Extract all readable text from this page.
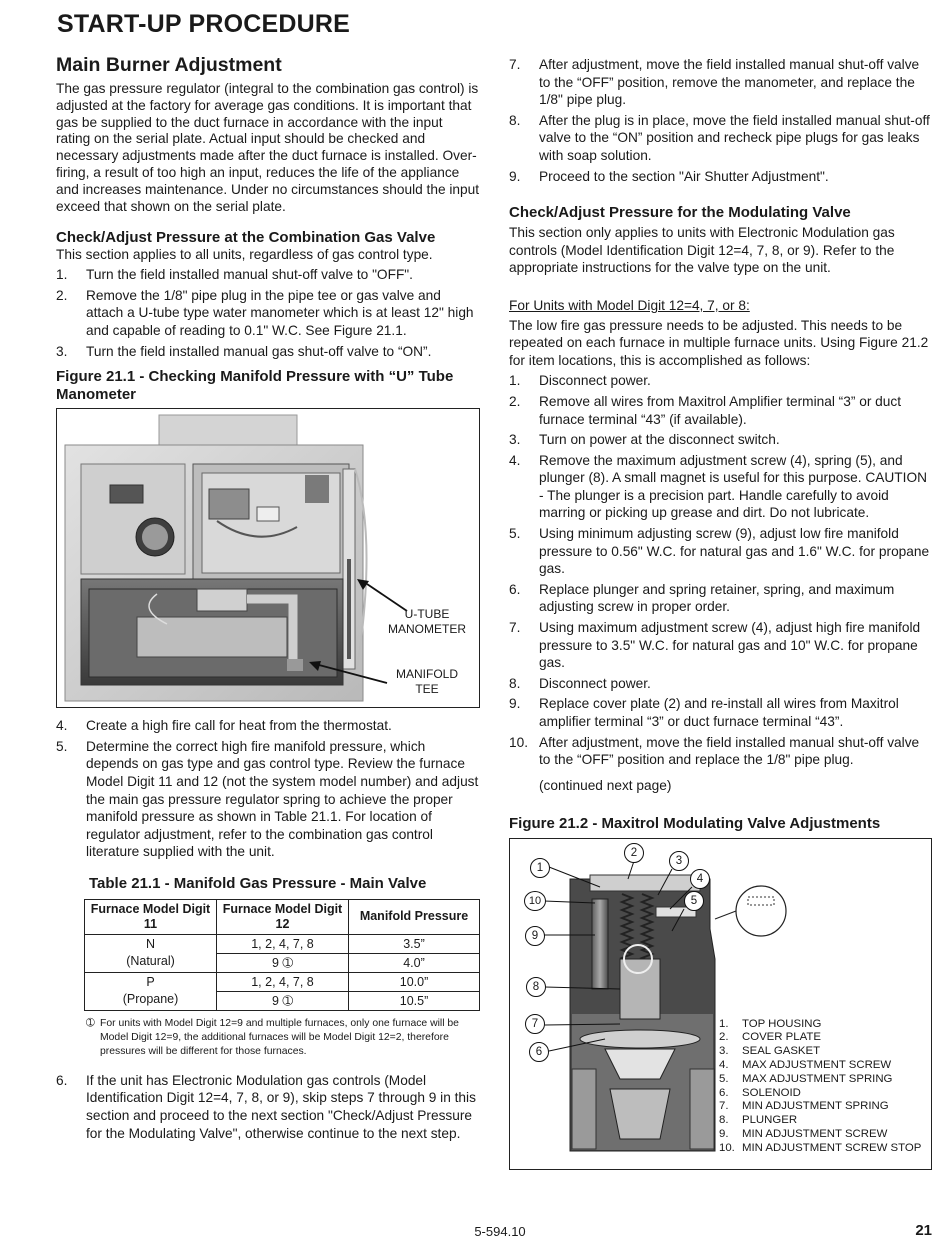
START-UP PROCEDURE
Main Burner Adjustment
The gas pressure regulator (integral to the combination gas control) is adjusted at the factory for average gas conditions. It is important that gas be supplied to the duct furnace in accordance with the input rating on the serial plate. Actual input should be checked and necessary adjustments made after the duct furnace is installed. Over-firing, a result of too high an input, reduces the life of the appliance and increases maintenance. Under no circumstances should the input exceed that shown on the serial plate.
Check/Adjust Pressure at the Combination Gas Valve
This section applies to all units, regardless of gas control type.
1.	Turn the field installed manual shut-off valve to "OFF".
2.	Remove the 1/8" pipe plug in the pipe tee or gas valve and attach a U-tube type water manometer which is at least 12" high and capable of reading to 0.1" W.C. See Figure 21.1.
3.	Turn the field installed manual gas shut-off valve to “ON”.
Figure 21.1 - Checking Manifold Pressure with “U” Tube Manometer
U-TUBE MANOMETER
MANIFOLD TEE
4.	Create a high fire call for heat from the thermostat.
5.	Determine the correct high fire manifold pressure, which depends on gas type and gas control type. Review the furnace Model Digit 11 and 12 (not the system model number) and adjust the main gas pressure regulator spring to achieve the proper manifold pressure as shown in Table 21.1. For location of regulator adjustment, refer to the combination gas control literature supplied with the unit.
Table 21.1 - Manifold Gas Pressure - Main Valve
Furnace Model Digit 11	Furnace Model Digit 12	Manifold Pressure

N
(Natural)	1, 2, 4, 7, 8	3.5”
	9 ➀	4.0”

P
(Propane)	1, 2, 4, 7, 8	10.0”
	9 ➀	10.5”
➀ For units with Model Digit 12=9 and multiple furnaces, only one furnace will be Model Digit 12=9, the additional furnaces will be Model Digit 12=2, therefore pressures will be different for those furnaces.
6.	If the unit has Electronic Modulation gas controls (Model Identification Digit 12=4, 7, 8, or 9), skip steps 7 through 9 in this section and proceed to the next section "Check/Adjust Pressure for the Modulating Valve", otherwise continue to the next step.
7.	After adjustment, move the field installed manual shut-off valve to the “OFF” position, remove the manometer, and replace the 1/8" pipe plug.
8.	After the plug is in place, move the field installed manual shut-off valve to the “ON” position and recheck pipe plugs for gas leaks with soap solution.
9.	Proceed to the section "Air Shutter Adjustment".
Check/Adjust Pressure for the Modulating Valve
This section only applies to units with Electronic Modulation gas controls (Model Identification Digit 12=4, 7, 8, or 9). Refer to the appropriate instructions for the valve type on the unit.
For Units with Model Digit 12=4, 7, or 8:
The low fire gas pressure needs to be adjusted. This needs to be repeated on each furnace in multiple furnace units. Using Figure 21.2 for item locations, this is accomplished as follows:
1.	Disconnect power.
2.	Remove all wires from Maxitrol Amplifier terminal “3” or duct furnace terminal “43” (if available).
3.	Turn on power at the disconnect switch.
4.	Remove the maximum adjustment screw (4), spring (5), and plunger (8). A small magnet is useful for this purpose. CAUTION - The plunger is a precision part. Handle carefully to avoid marring or picking up grease and dirt. Do not lubricate.
5.	Using minimum adjusting screw (9), adjust low fire manifold pressure to 0.56" W.C. for natural gas and 1.6" W.C. for propane gas.
6.	Replace plunger and spring retainer, spring, and maximum adjusting screw in proper order.
7.	Using maximum adjustment screw (4), adjust high fire manifold pressure to 3.5" W.C. for natural gas and 10" W.C. for propane gas.
8.	Disconnect power.
9.	Replace cover plate (2) and re-install all wires from Maxitrol amplifier terminal “3” or duct furnace terminal “43”.
10. After adjustment, move the field installed manual shut-off valve to the “OFF” position and replace the 1/8" pipe plug.
(continued next page)
Figure 21.2 - Maxitrol Modulating Valve Adjustments
1
2
3
4
5
6
7
8
9
10
1.	TOP HOUSING
2.	COVER PLATE
3.	SEAL GASKET
4.	MAX ADJUSTMENT SCREW
5.	MAX ADJUSTMENT SPRING
6.	SOLENOID
7.	MIN ADJUSTMENT SPRING
8.	PLUNGER
9.	MIN ADJUSTMENT SCREW
10. MIN ADJUSTMENT SCREW STOP
5-594.10	21
